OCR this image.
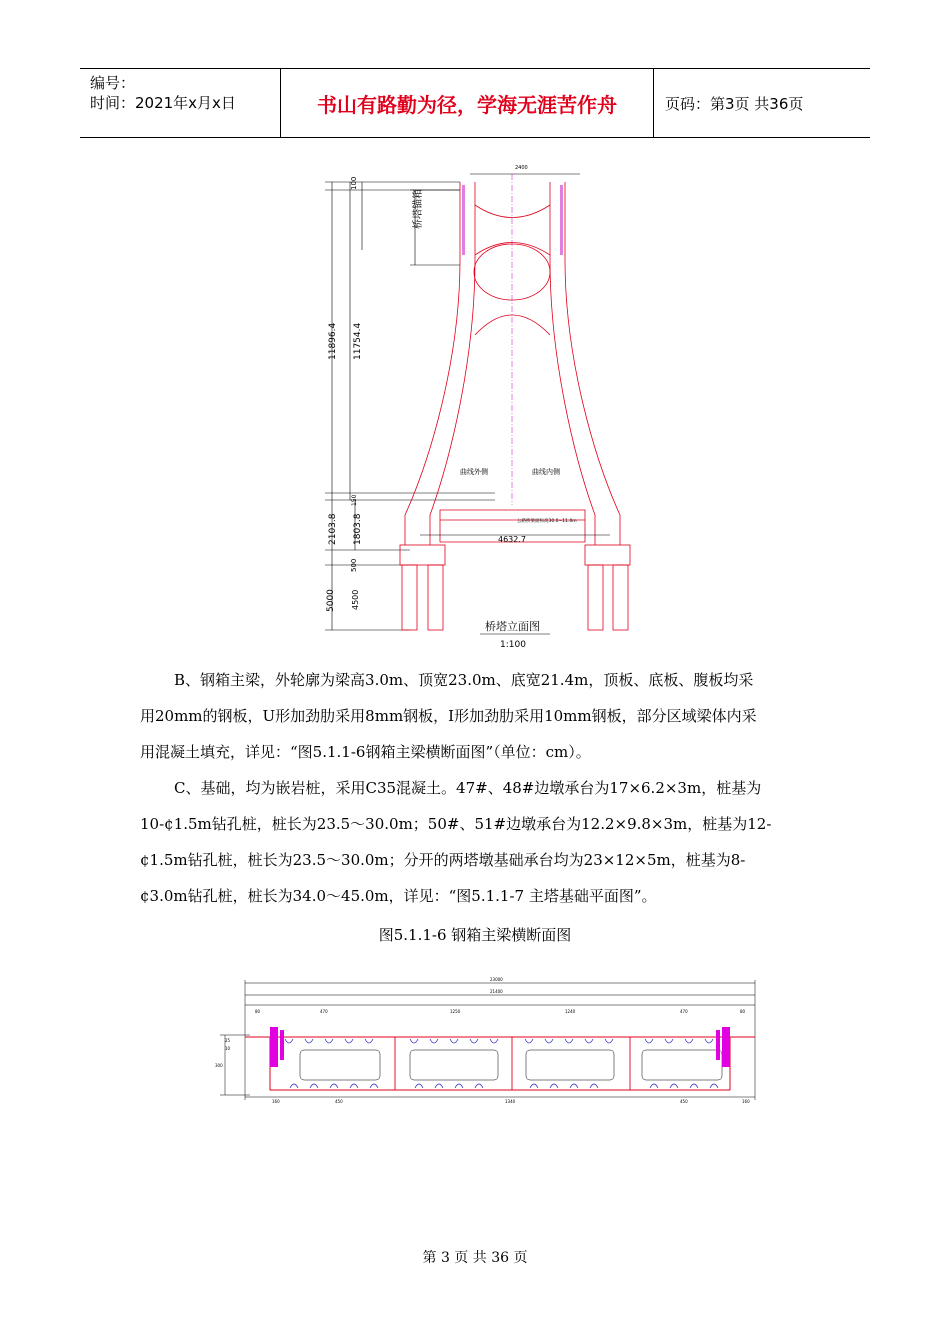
编号：
时间：2021年x月x日	书山有路勤为径，学海无涯苦作舟	页码：第3页 共36页
2400
100
桥塔锚箱
11896.4 11754.4
150
2103.8 1803.8
500
5000 4500
4632.7
曲线外侧	曲线内侧
公路桥梁面标高30.0~11.0m
桥塔立面图
1:100
B、钢箱主梁，外轮廓为梁高3.0m、顶宽23.0m、底宽21.4m，顶板、底板、腹板均采
用20mm的钢板，U形加劲肋采用8mm钢板，I形加劲肋采用10mm钢板，部分区域梁体内采
用混凝土填充，详见：“图5.1.1-6钢箱主梁横断面图”（单位：cm）。
C、基础，均为嵌岩桩，采用C35混凝土。47#、48#边墩承台为17×6.2×3m，桩基为
10-¢1.5m钻孔桩，桩长为23.5～30.0m；50#、51#边墩承台为12.2×9.8×3m，桩基为12-
¢1.5m钻孔桩，桩长为23.5～30.0m；分开的两塔墩基础承台均为23×12×5m，桩基为8-
¢3.0m钻孔桩，桩长为34.0～45.0m，详见：“图5.1.1-7 主塔基础平面图”。
图5.1.1-6 钢箱主梁横断面图
23000
21400
80	80
470	1250	1240	470
300
25
10
160	450	1340	450	160
第 3 页 共 36 页
